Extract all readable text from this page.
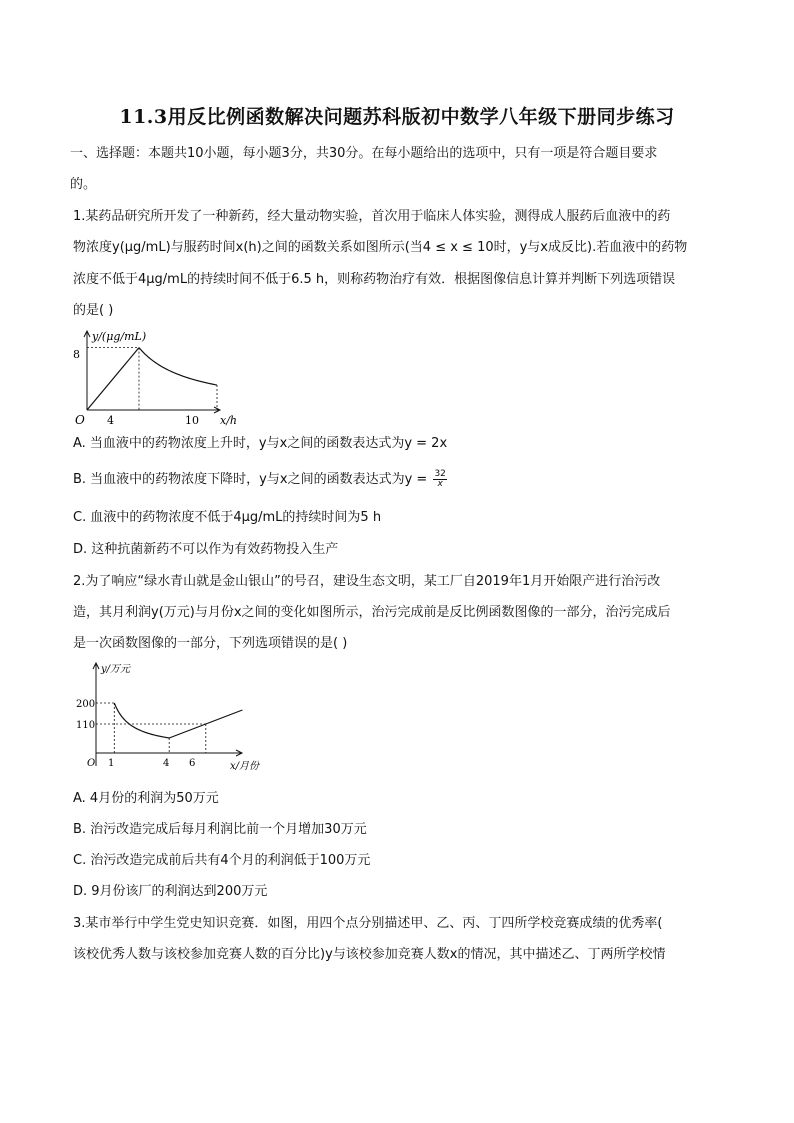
11.3用反比例函数解决问题苏科版初中数学八年级下册同步练习
一、选择题：本题共10小题，每小题3分，共30分。在每小题给出的选项中，只有一项是符合题目要求
的。
1.某药品研究所开发了一种新药，经大量动物实验，首次用于临床人体实验，测得成人服药后血液中的药
物浓度y(μg/mL)与服药时间x(h)之间的函数关系如图所示(当4 ≤ x ≤ 10时，y与x成反比).若血液中的药物
浓度不低于4μg/mL的持续时间不低于6.5 h，则称药物治疗有效．根据图像信息计算并判断下列选项错误
的是( )
y/(μg/mL)
x/h
O
8
4	10
A. 当血液中的药物浓度上升时，y与x之间的函数表达式为y = 2x
B. 当血液中的药物浓度下降时，y与x之间的函数表达式为$y = \frac{32}{x}$
C. 血液中的药物浓度不低于4μg/mL的持续时间为5 h
D. 这种抗菌新药不可以作为有效药物投入生产
2.为了响应“绿水青山就是金山银山”的号召，建设生态文明，某工厂自2019年1月开始限产进行治污改
造，其月利润y(万元)与月份x之间的变化如图所示，治污完成前是反比例函数图像的一部分，治污完成后
是一次函数图像的一部分，下列选项错误的是( )
y/万元
x/月份
O
200
110
1	4 6
A. 4月份的利润为50万元
B. 治污改造完成后每月利润比前一个月增加30万元
C. 治污改造完成前后共有4个月的利润低于100万元
D. 9月份该厂的利润达到200万元
3.某市举行中学生党史知识竞赛．如图，用四个点分别描述甲、乙、丙、丁四所学校竞赛成绩的优秀率(
该校优秀人数与该校参加竞赛人数的百分比)y与该校参加竞赛人数x的情况，其中描述乙、丁两所学校情
